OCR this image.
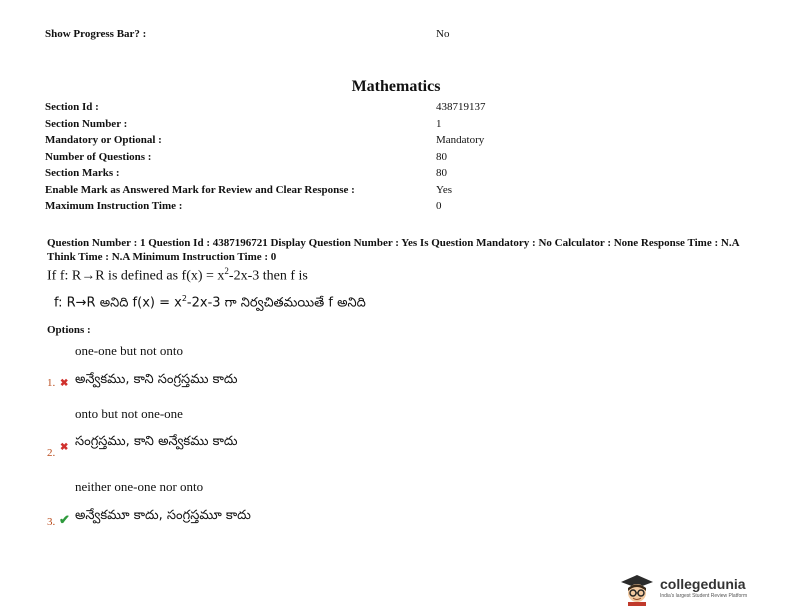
Show Progress Bar? :	No
Mathematics
Section Id :	438719137
Section Number :	1
Mandatory or Optional :	Mandatory
Number of Questions :	80
Section Marks :	80
Enable Mark as Answered Mark for Review and Clear Response :	Yes
Maximum Instruction Time :	0
Question Number : 1 Question Id : 4387196721 Display Question Number : Yes Is Question Mandatory : No Calculator : None Response Time : N.A Think Time : N.A Minimum Instruction Time : 0
If f: R→R is defined as $f(x) = x^2-2x-3$ then f is
f: R→R అనిది $f(x) = x^2-2x-3$ గా నిర్వచితమయితే f అనిది
Options :
one-one but not onto
1. ✖ అన్వేకము, కాని సంగ్రస్తము కాదు
onto but not one-one
✖
2.
సంగ్రస్తము, కాని అన్వేకము కాదు
neither one-one nor onto
3. ✔ అన్వేకమూ కాదు, సంగ్రస్తమూ కాదు
collegedunia
India's largest Student Review Platform
